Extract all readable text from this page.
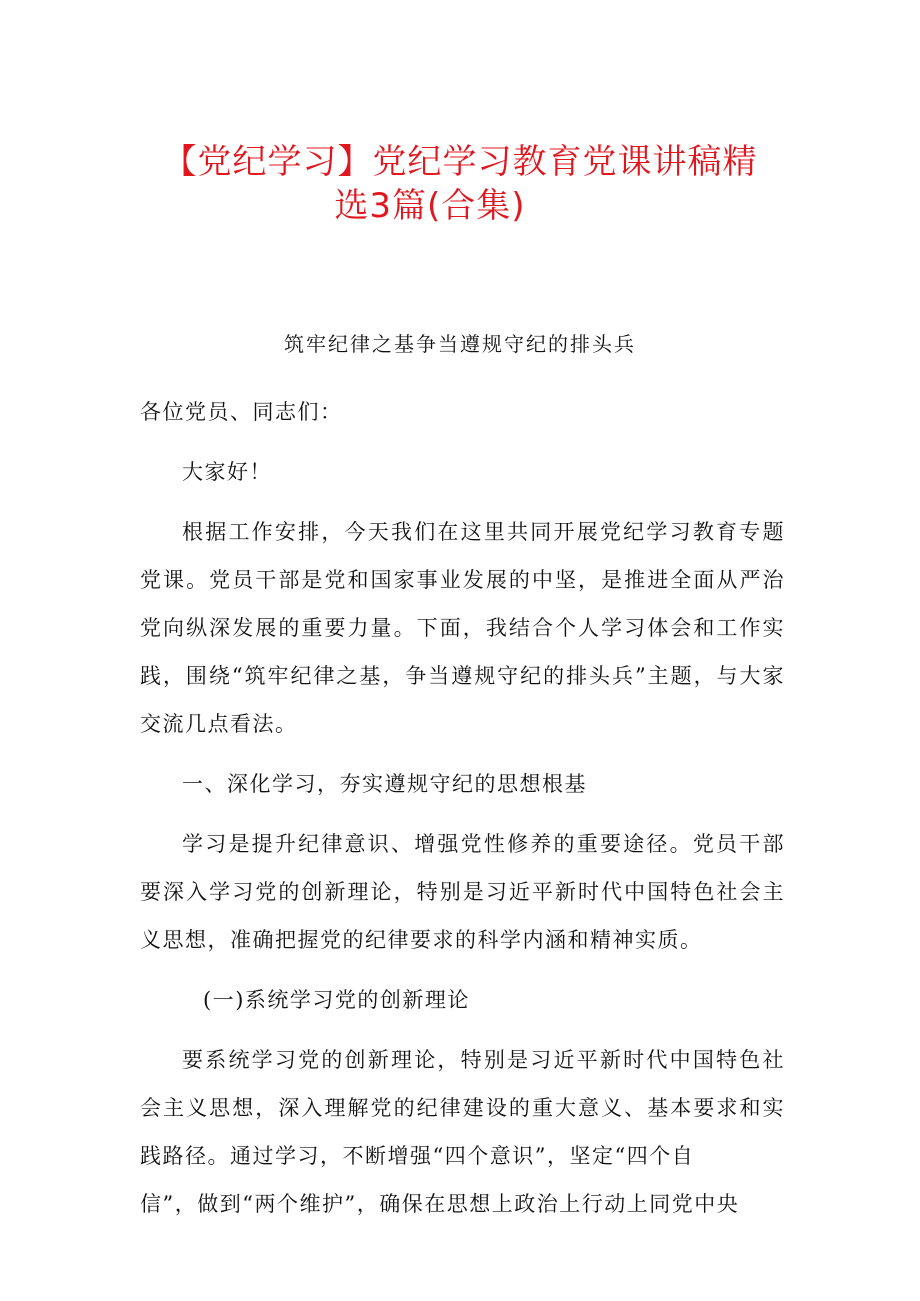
【党纪学习】党纪学习教育党课讲稿精
选3篇(合集)
筑牢纪律之基争当遵规守纪的排头兵

各位党员、同志们：

大家好！

根据工作安排，今天我们在这里共同开展党纪学习教育专题党课。党员干部是党和国家事业发展的中坚，是推进全面从严治党向纵深发展的重要力量。下面，我结合个人学习体会和工作实践，围绕“筑牢纪律之基，争当遵规守纪的排头兵”主题，与大家交流几点看法。

一、深化学习，夯实遵规守纪的思想根基

学习是提升纪律意识、增强党性修养的重要途径。党员干部要深入学习党的创新理论，特别是习近平新时代中国特色社会主义思想，准确把握党的纪律要求的科学内涵和精神实质。

(一)系统学习党的创新理论

要系统学习党的创新理论，特别是习近平新时代中国特色社会主义思想，深入理解党的纪律建设的重大意义、基本要求和实践路径。通过学习，不断增强“四个意识”，坚定“四个自
信”，做到“两个维护”，确保在思想上政治上行动上同党中央
